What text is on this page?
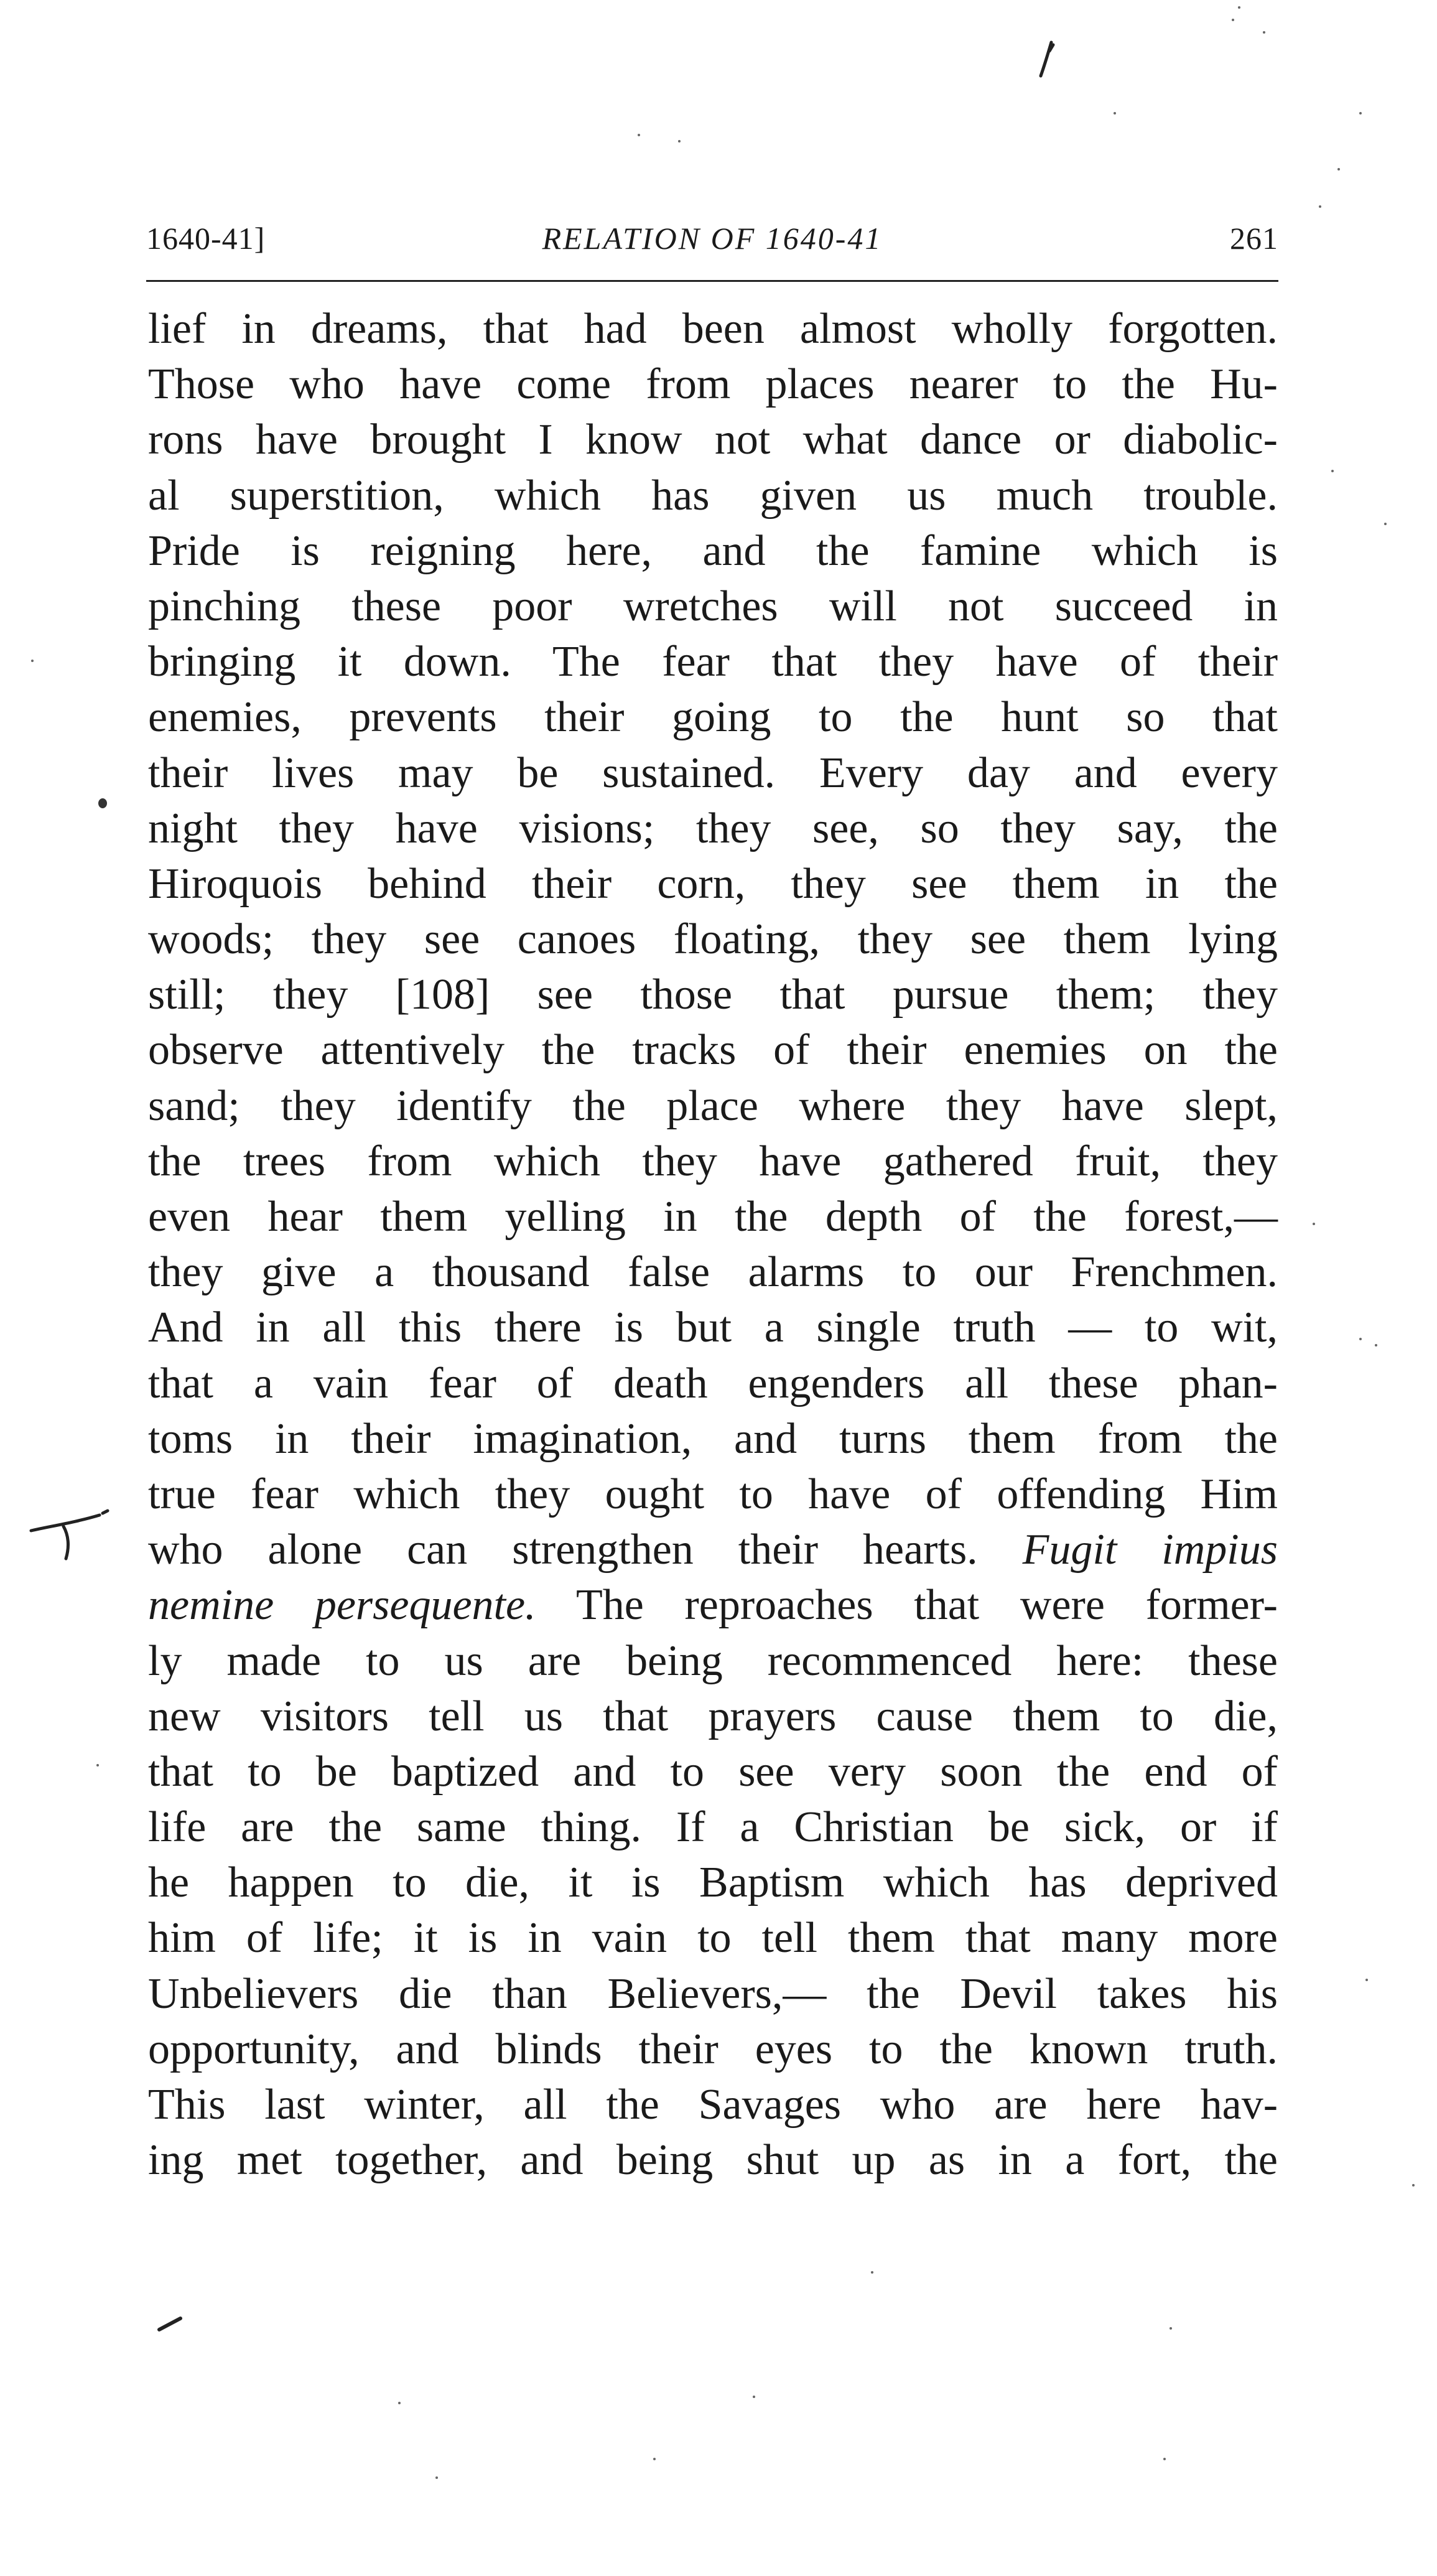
1640-41]	RELATION OF 1640-41	261
lief in dreams, that had been almost wholly forgotten.
Those who have come from places nearer to the Hu-
rons have brought I know not what dance or diabolic-
al superstition, which has given us much trouble.
Pride is reigning here, and the famine which is
pinching these poor wretches will not succeed in
bringing it down. The fear that they have of their
enemies, prevents their going to the hunt so that
their lives may be sustained. Every day and every
night they have visions; they see, so they say, the
Hiroquois behind their corn, they see them in the
woods; they see canoes floating, they see them lying
still; they [108] see those that pursue them; they
observe attentively the tracks of their enemies on the
sand; they identify the place where they have slept,
the trees from which they have gathered fruit, they
even hear them yelling in the depth of the forest,—
they give a thousand false alarms to our Frenchmen.
And in all this there is but a single truth — to wit,
that a vain fear of death engenders all these phan-
toms in their imagination, and turns them from the
true fear which they ought to have of offending Him
who alone can strengthen their hearts. Fugit impius
nemine persequente. The reproaches that were former-
ly made to us are being recommenced here: these
new visitors tell us that prayers cause them to die,
that to be baptized and to see very soon the end of
life are the same thing. If a Christian be sick, or if
he happen to die, it is Baptism which has deprived
him of life; it is in vain to tell them that many more
Unbelievers die than Believers,— the Devil takes his
opportunity, and blinds their eyes to the known truth.
This last winter, all the Savages who are here hav-
ing met together, and being shut up as in a fort, the
